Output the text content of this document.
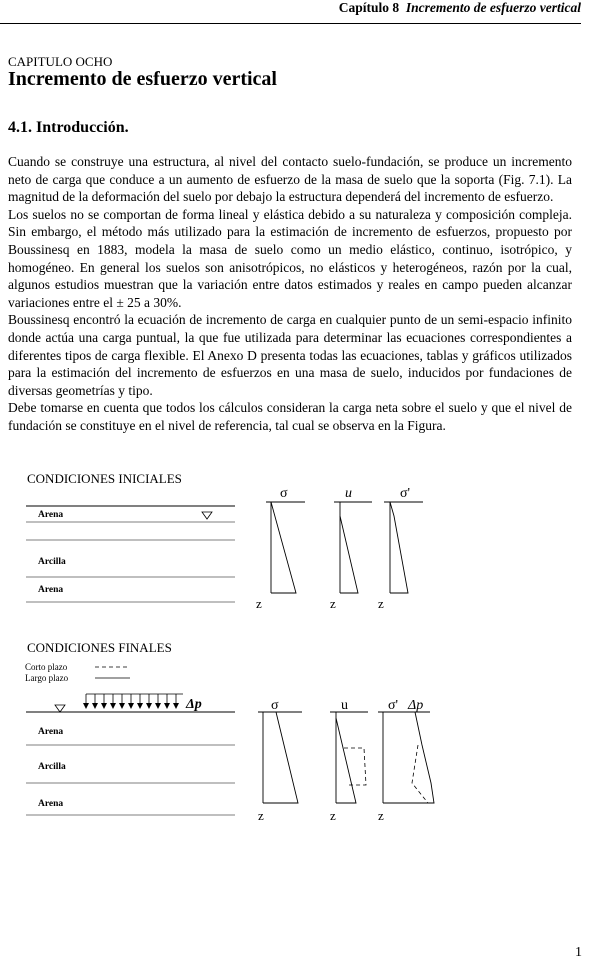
Capítulo 8 Incremento de esfuerzo vertical
CAPITULO OCHO
Incremento de esfuerzo vertical
4.1. Introducción.

Cuando se construye una estructura, al nivel del contacto suelo-fundación, se produce un incremento neto de carga que conduce a un aumento de esfuerzo de la masa de suelo que la soporta (Fig. 7.1). La magnitud de la deformación del suelo por debajo la estructura dependerá del incremento de esfuerzo.

Los suelos no se comportan de forma lineal y elástica debido a su naturaleza y composición compleja. Sin embargo, el método más utilizado para la estimación de incremento de esfuerzos, propuesto por Boussinesq en 1883, modela la masa de suelo como un medio elástico, continuo, isotrópico, y homogéneo. En general los suelos son anisotrópicos, no elásticos y heterogéneos, razón por la cual, algunos estudios muestran que la variación entre datos estimados y reales en campo pueden alcanzar variaciones entre el ± 25 a 30%.

Boussinesq encontró la ecuación de incremento de carga en cualquier punto de un semi-espacio infinito donde actúa una carga puntual, la que fue utilizada para determinar las ecuaciones correspondientes a diferentes tipos de carga flexible. El Anexo D presenta todas las ecuaciones, tablas y gráficos utilizados para la estimación del incremento de esfuerzos en una masa de suelo, inducidos por fundaciones de diversas geometrías y tipo.

Debe tomarse en cuenta que todos los cálculos consideran la carga neta sobre el suelo y que el nivel de fundación se constituye en el nivel de referencia, tal cual se observa en la Figura.

CONDICIONES INICIALES
Arena
Arcilla
Arena
σ
z
u
z
σ'
z
CONDICIONES FINALES
Corto plazo
Largo plazo
Δp
Arena
Arcilla
Arena
σ
z
u
z
σ' Δp
z
1
